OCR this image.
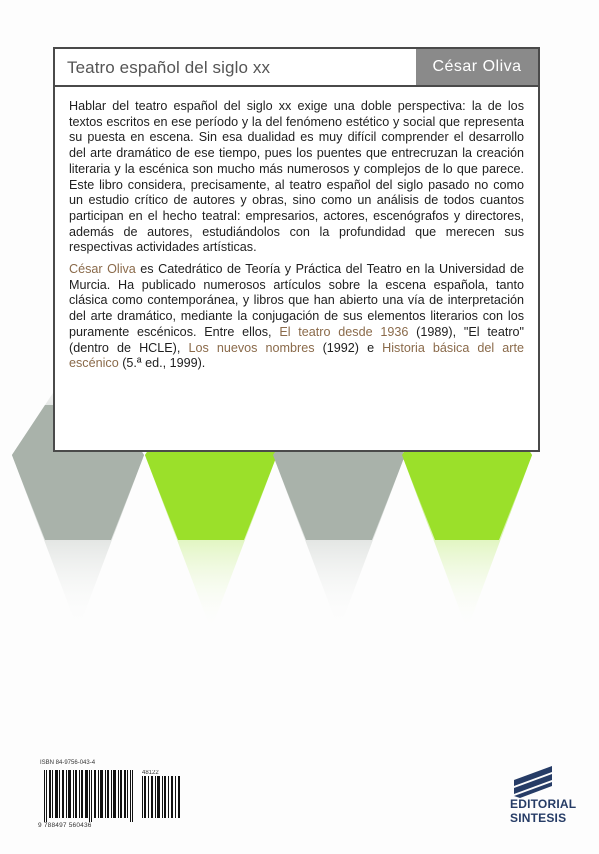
Teatro español del siglo xx	César Oliva

Hablar del teatro español del siglo xx exige una doble perspectiva: la de los textos escritos en ese período y la del fenómeno estético y social que representa su puesta en escena. Sin esa dualidad es muy difícil comprender el desarrollo del arte dramático de ese tiempo, pues los puentes que entrecruzan la creación literaria y la escénica son mucho más numerosos y complejos de lo que parece. Este libro considera, precisamente, al teatro español del siglo pasado no como un estudio crítico de autores y obras, sino como un análisis de todos cuantos participan en el hecho teatral: empresarios, actores, escenógrafos y directores, además de autores, estudiándolos con la profundidad que merecen sus respectivas actividades artísticas.

César Oliva es Catedrático de Teoría y Práctica del Teatro en la Universidad de Murcia. Ha publicado numerosos artículos sobre la escena española, tanto clásica como contemporánea, y libros que han abierto una vía de interpretación del arte dramático, mediante la conjugación de sus elementos literarios con los puramente escénicos. Entre ellos, El teatro desde 1936 (1989), "El teatro" (dentro de HCLE), Los nuevos nombres (1992) e Historia básica del arte escénico (5.ª ed., 1999).

ISBN 84-9756-043-4
48122
9 788497 560436
EDITORIAL
SINTESIS
